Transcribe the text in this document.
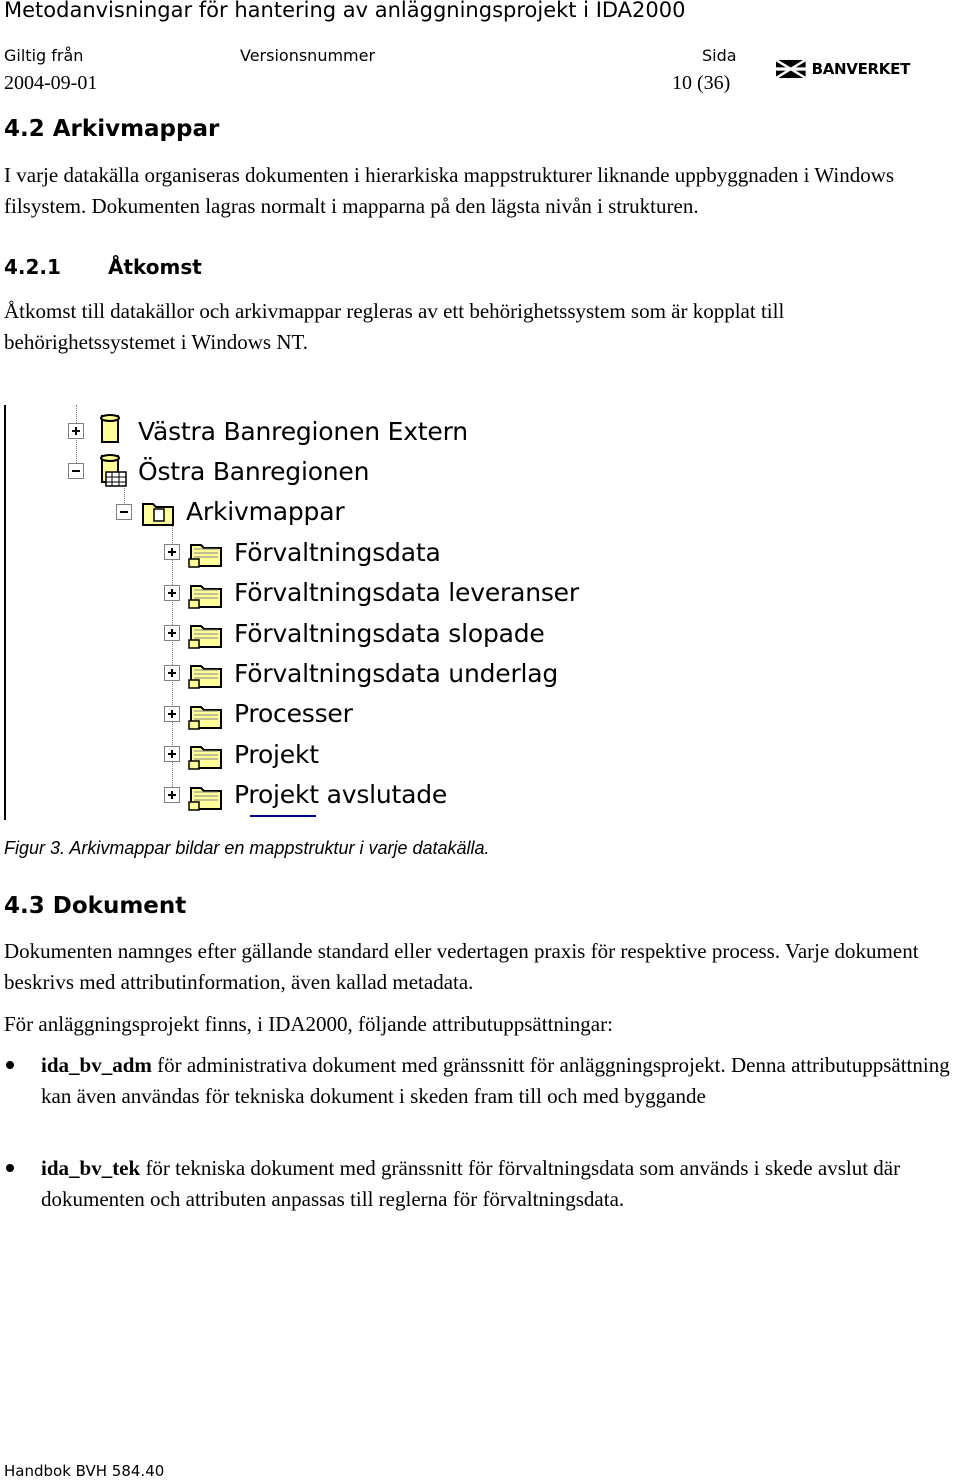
Metodanvisningar för hantering av anläggningsprojekt i IDA2000
Giltig från	Versionsnummer	Sida
2004-09-01	10 (36)
BANVERKET
4.2 Arkivmappar
I varje datakälla organiseras dokumenten i hierarkiska mappstrukturer liknande uppbyggnaden i Windows filsystem. Dokumenten lagras normalt i mapparna på den lägsta nivån i strukturen.
4.2.1 Åtkomst
Åtkomst till datakällor och arkivmappar regleras av ett behörighetssystem som är kopplat till behörighetssystemet i Windows NT.
Västra Banregionen Extern
Östra Banregionen
Arkivmappar
Förvaltningsdata
Förvaltningsdata leveranser
Förvaltningsdata slopade
Förvaltningsdata underlag
Processer
Projekt
Projekt avslutade
Figur 3. Arkivmappar bildar en mappstruktur i varje datakälla.
4.3 Dokument
Dokumenten namnges efter gällande standard eller vedertagen praxis för respektive process. Varje dokument beskrivs med attributinformation, även kallad metadata.
För anläggningsprojekt finns, i IDA2000, följande attributuppsättningar:
ida_bv_adm för administrativa dokument med gränssnitt för anläggningsprojekt. Denna attributuppsättning kan även användas för tekniska dokument i skeden fram till och med byggande
ida_bv_tek för tekniska dokument med gränssnitt för förvaltningsdata som används i skede avslut där dokumenten och attributen anpassas till reglerna för förvaltningsdata.
Handbok BVH 584.40
